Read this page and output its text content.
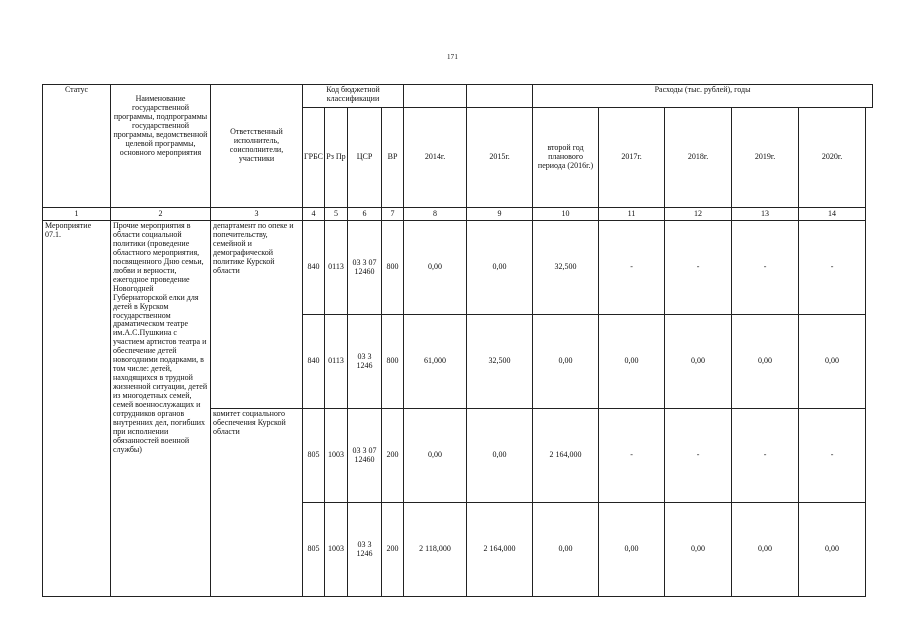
171
Статус	Наименование государственной программы, подпрограммы государственной программы, ведомственной целевой программы, основного мероприятия	Ответственный исполнитель, соисполнители, участники	Код бюджетной классификации						Расходы (тыс. рублей), годы				
			ГРБС	Рз Пр	ЦСР	ВР	2014г.	2015г.	второй год планового периода (2016г.)	2017г.	2018г.	2019г.	2020г.
1	2	3	4	5	6	7	8	9	10	11	12	13	14
Мероприятие 07.1.	Прочие мероприятия в области социальной политики (проведение областного мероприятия, посвященного Дню семьи, любви и верности, ежегодное проведение Новогодней Губернаторской елки для детей в Курском государственном драматическом театре им.А.С.Пушкина с участием артистов театра и обеспечение детей новогодними подарками, в том числе: детей, находящихся в трудной жизненной ситуации, детей из многодетных семей, семей военнослужащих и сотрудников органов внутренних дел, погибших при исполнении обязанностей военной службы)	департамент по опеке и попечительству, семейной и демографической политике Курской области	840	0113	03 3 07 12460	800	0,00	0,00	32,500	-	-	-	-
			840	0113	03 3 1246	800	61,000	32,500	0,00	0,00	0,00	0,00	0,00
		комитет социального обеспечения Курской области	805	1003	03 3 07 12460	200	0,00	0,00	2 164,000	-	-	-	-
			805	1003	03 3 1246	200	2 118,000	2 164,000	0,00	0,00	0,00	0,00	0,00
